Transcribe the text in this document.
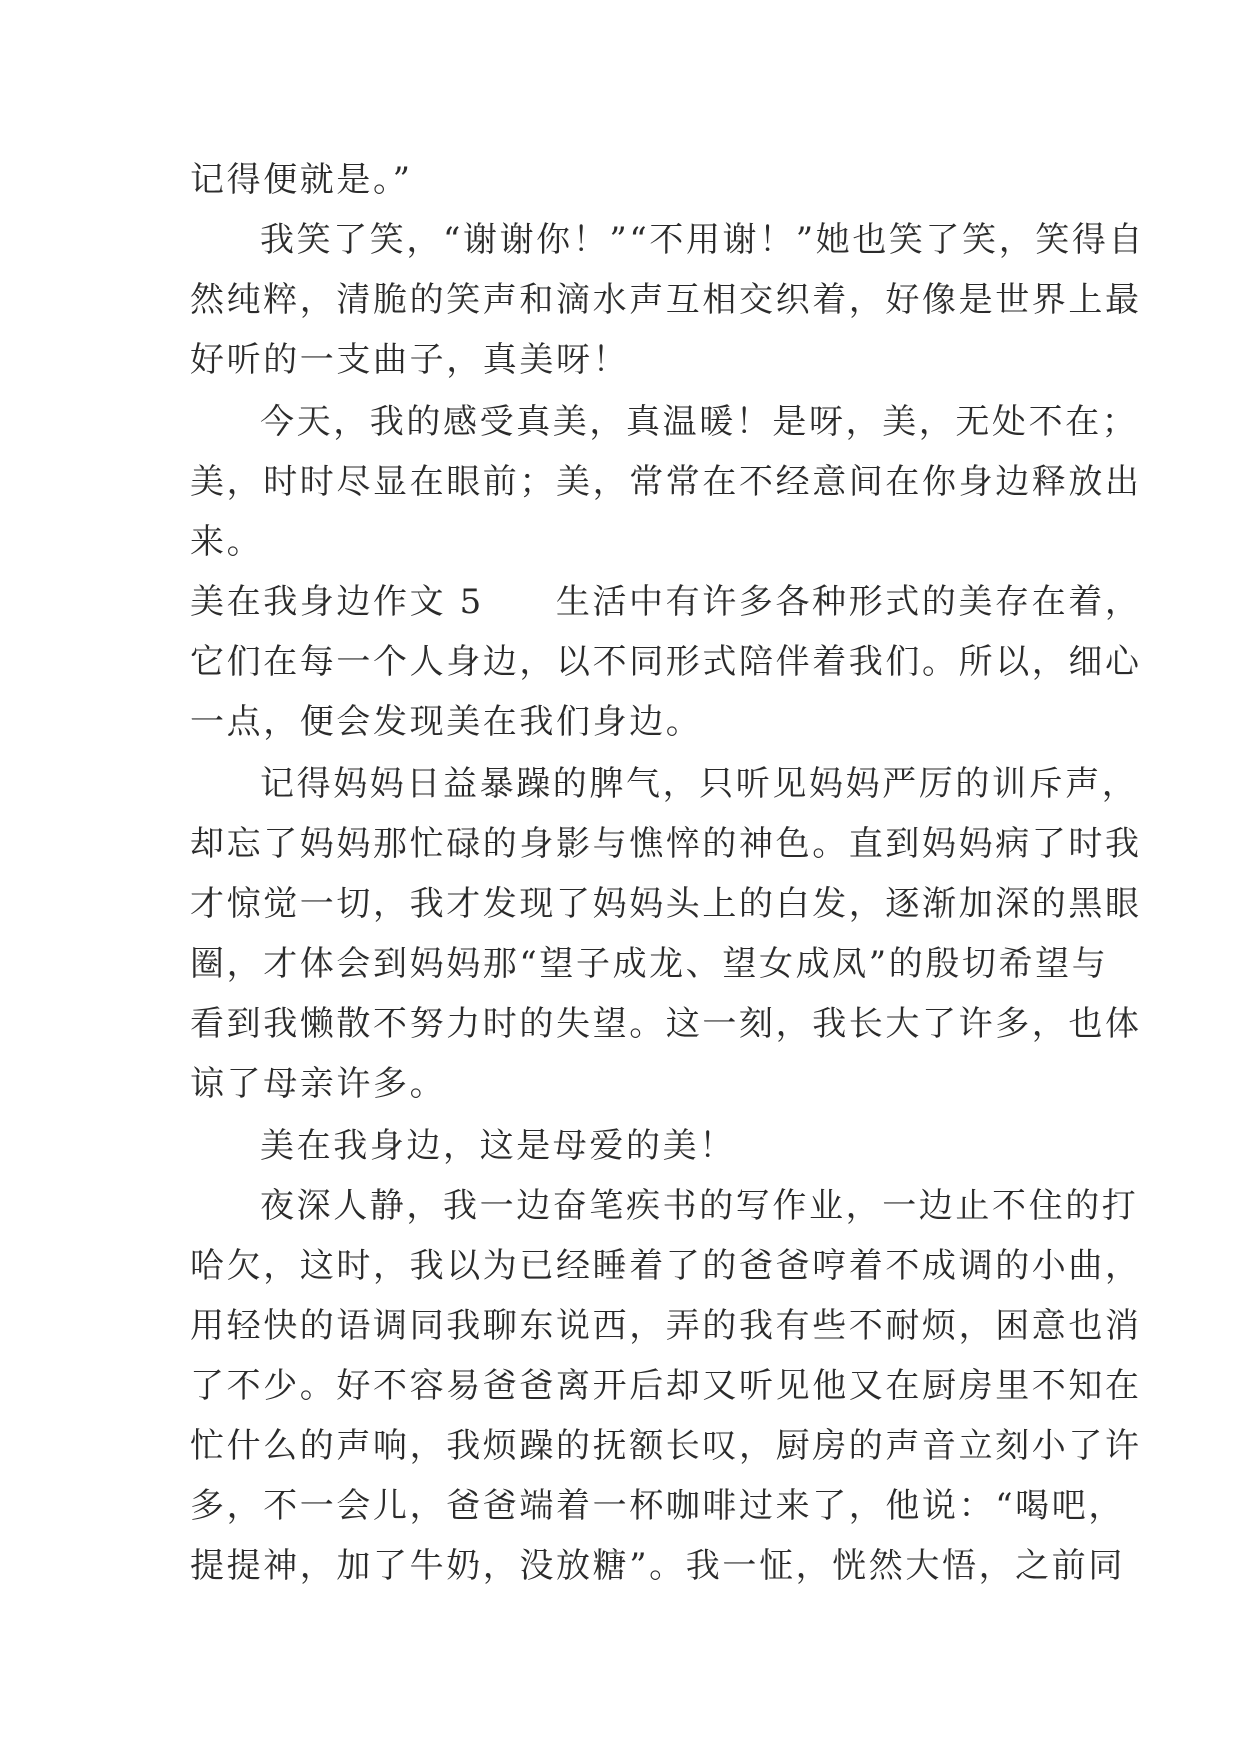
记得便就是。”
我笑了笑，“谢谢你！”“不用谢！”她也笑了笑，笑得自
然纯粹，清脆的笑声和滴水声互相交织着，好像是世界上最
好听的一支曲子，真美呀！
今天，我的感受真美，真温暖！是呀，美，无处不在；
美，时时尽显在眼前；美，常常在不经意间在你身边释放出
来。
美在我身边作文 5 生活中有许多各种形式的美存在着，
它们在每一个人身边，以不同形式陪伴着我们。所以，细心
一点，便会发现美在我们身边。
记得妈妈日益暴躁的脾气，只听见妈妈严厉的训斥声，
却忘了妈妈那忙碌的身影与憔悴的神色。直到妈妈病了时我
才惊觉一切，我才发现了妈妈头上的白发，逐渐加深的黑眼
圈，才体会到妈妈那“望子成龙、望女成凤”的殷切希望与
看到我懒散不努力时的失望。这一刻，我长大了许多，也体
谅了母亲许多。
美在我身边，这是母爱的美！
夜深人静，我一边奋笔疾书的写作业，一边止不住的打
哈欠，这时，我以为已经睡着了的爸爸哼着不成调的小曲，
用轻快的语调同我聊东说西，弄的我有些不耐烦，困意也消
了不少。好不容易爸爸离开后却又听见他又在厨房里不知在
忙什么的声响，我烦躁的抚额长叹，厨房的声音立刻小了许
多，不一会儿，爸爸端着一杯咖啡过来了，他说：“喝吧，
提提神，加了牛奶，没放糖”。我一怔，恍然大悟，之前同
